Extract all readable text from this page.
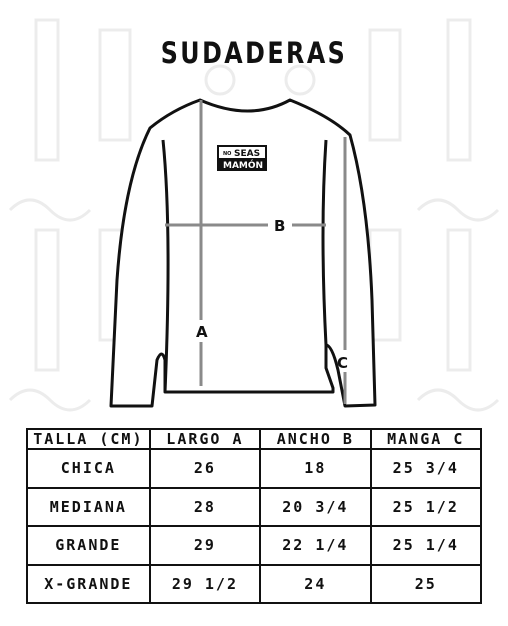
SUDADERAS
NO SEAS
MAMÓN
A
B
C
TALLA (CM)	LARGO A	ANCHO B	MANGA C
CHICA	26	18	25 3/4
MEDIANA	28	20 3/4	25 1/2
GRANDE	29	22 1/4	25 1/4
X-GRANDE	29 1/2	24	25
